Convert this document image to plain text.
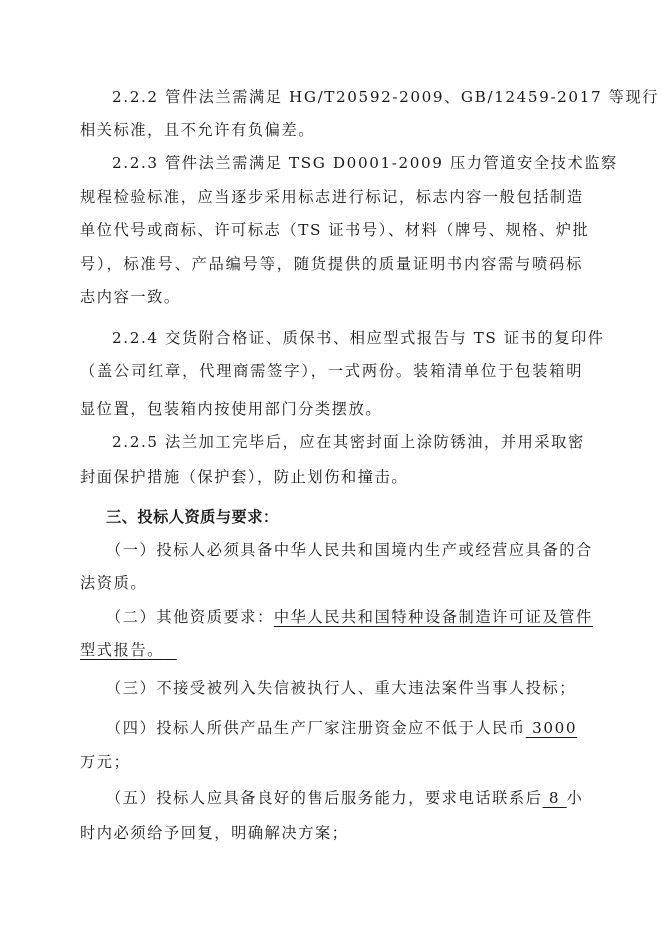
2.2.2 管件法兰需满足 HG/T20592-2009、GB/12459-2017 等现行
相关标准，且不允许有负偏差。
2.2.3 管件法兰需满足 TSG D0001-2009 压力管道安全技术监察
规程检验标准，应当逐步采用标志进行标记，标志内容一般包括制造
单位代号或商标、许可标志（TS 证书号）、材料（牌号、规格、炉批
号），标准号、产品编号等，随货提供的质量证明书内容需与喷码标
志内容一致。
2.2.4 交货附合格证、质保书、相应型式报告与 TS 证书的复印件
（盖公司红章，代理商需签字），一式两份。装箱清单位于包装箱明
显位置，包装箱内按使用部门分类摆放。
2.2.5 法兰加工完毕后，应在其密封面上涂防锈油，并用采取密
封面保护措施（保护套），防止划伤和撞击。
三、投标人资质与要求：
（一）投标人必须具备中华人民共和国境内生产或经营应具备的合
法资质。
（二）其他资质要求：中华人民共和国特种设备制造许可证及管件
型式报告。
（三）不接受被列入失信被执行人、重大违法案件当事人投标；
（四）投标人所供产品生产厂家注册资金应不低于人民币 3000
万元；
（五）投标人应具备良好的售后服务能力，要求电话联系后 8 小
时内必须给予回复，明确解决方案；
